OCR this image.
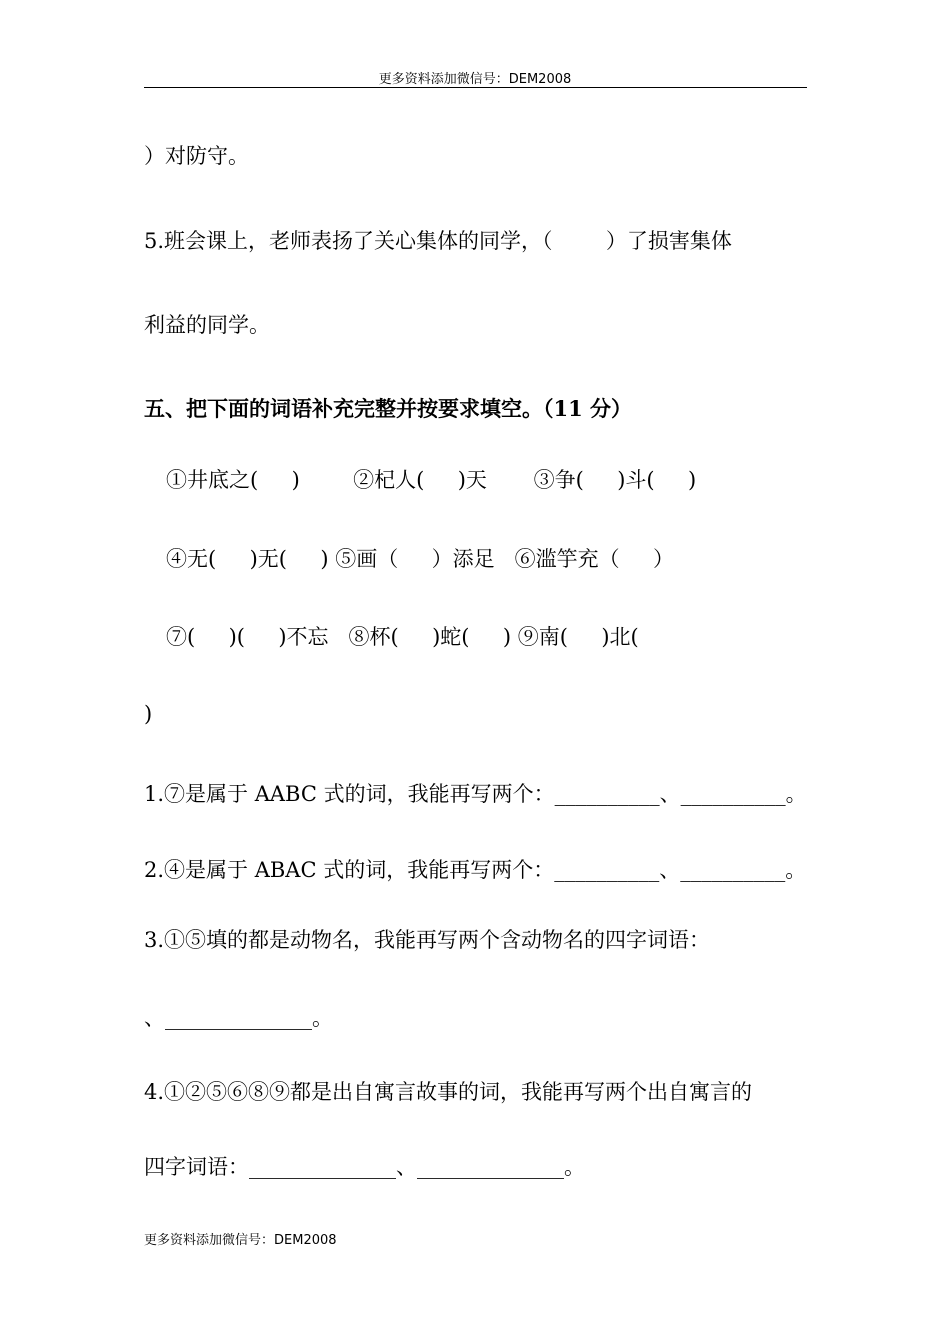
更多资料添加微信号：DEM2008
）对防守。
5.班会课上，老师表扬了关心集体的同学，（        ）了损害集体
利益的同学。
五、把下面的词语补充完整并按要求填空。（11 分）
①井底之(     )        ②杞人(     )天       ③争(     )斗(     )
④无(     )无(     ) ⑤画（     ）添足   ⑥滥竽充（     ）
⑦(     )(     )不忘   ⑧杯(     )蛇(     ) ⑨南(     )北(
)
1.⑦是属于 AABC 式的词，我能再写两个：__________、__________。
2.④是属于 ABAC 式的词，我能再写两个：__________、__________。
3.①⑤填的都是动物名，我能再写两个含动物名的四字词语：
、______________。
4.①②⑤⑥⑧⑨都是出自寓言故事的词，我能再写两个出自寓言的
四字词语：______________、______________。
更多资料添加微信号：DEM2008
